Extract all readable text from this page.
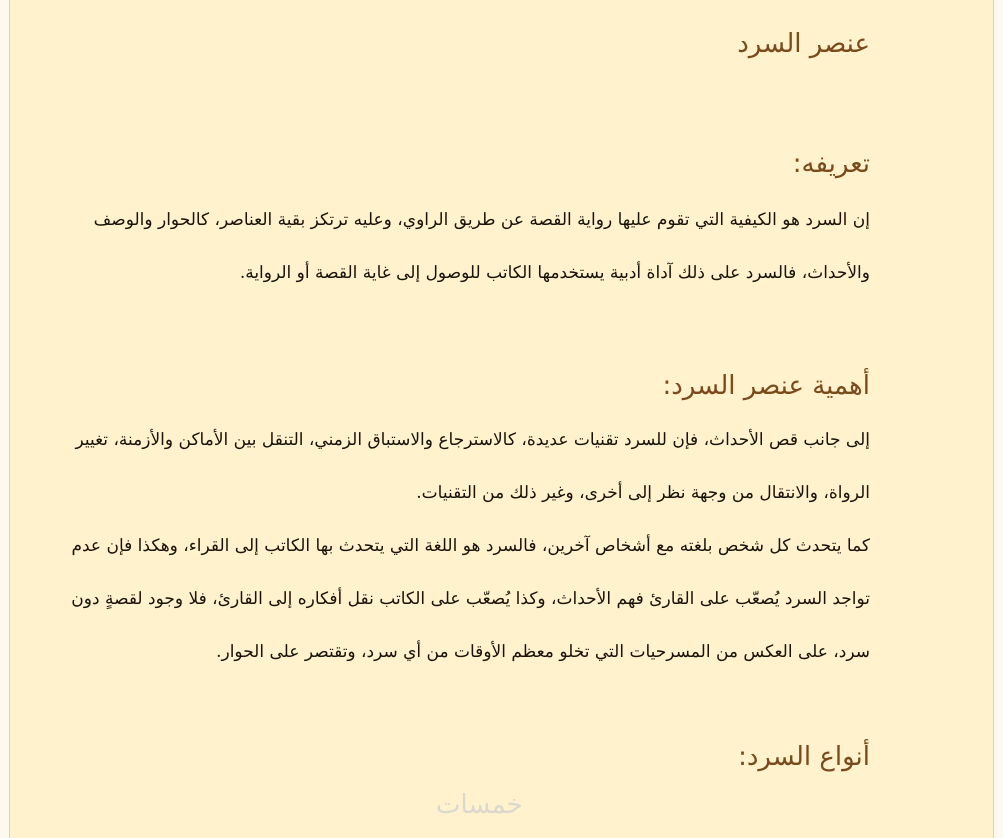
عنصر السرد
تعريفه:

إن السرد هو الكيفية التي تقوم عليها رواية القصة عن طريق الراوي، وعليه ترتكز بقية العناصر، كالحوار والوصف والأحداث، فالسرد على ذلك آداة أدبية يستخدمها الكاتب للوصول إلى غاية القصة أو الرواية.

أهمية عنصر السرد:

إلى جانب قص الأحداث، فإن للسرد تقنيات عديدة، كالاسترجاع والاستباق الزمني، التنقل بين الأماكن والأزمنة، تغيير الرواة، والانتقال من وجهة نظر إلى أخرى، وغير ذلك من التقنيات.

كما يتحدث كل شخص بلغته مع أشخاص آخرين، فالسرد هو اللغة التي يتحدث بها الكاتب إلى القراء، وهكذا فإن عدم تواجد السرد يُصعّب على القارئ فهم الأحداث، وكذا يُصعّب على الكاتب نقل أفكاره إلى القارئ، فلا وجود لقصةٍ دون سرد، على العكس من المسرحيات التي تخلو معظم الأوقات من أي سرد، وتقتصر على الحوار.

أنواع السرد:
خمسات
